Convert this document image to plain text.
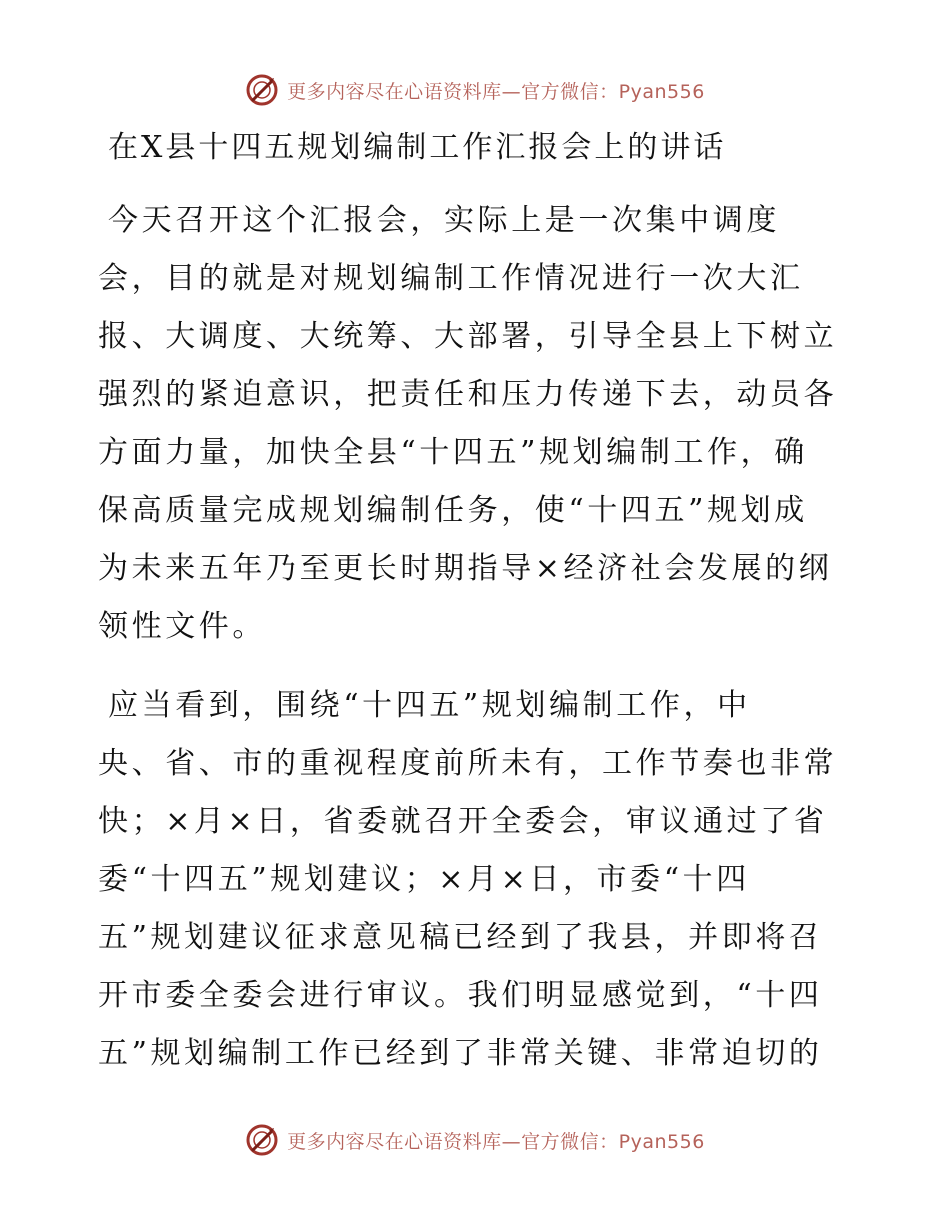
更多内容尽在心语资料库—官方微信：Pyan556
在X县十四五规划编制工作汇报会上的讲话
今天召开这个汇报会，实际上是一次集中调度
会，目的就是对规划编制工作情况进行一次大汇
报、大调度、大统筹、大部署，引导全县上下树立
强烈的紧迫意识，把责任和压力传递下去，动员各
方面力量，加快全县“十四五”规划编制工作，确
保高质量完成规划编制任务，使“十四五”规划成
为未来五年乃至更长时期指导×经济社会发展的纲
领性文件。
应当看到，围绕“十四五”规划编制工作，中
央、省、市的重视程度前所未有，工作节奏也非常
快；×月×日，省委就召开全委会，审议通过了省
委“十四五”规划建议；×月×日，市委“十四
五”规划建议征求意见稿已经到了我县，并即将召
开市委全委会进行审议。我们明显感觉到，“十四
五”规划编制工作已经到了非常关键、非常迫切的
更多内容尽在心语资料库—官方微信：Pyan556
